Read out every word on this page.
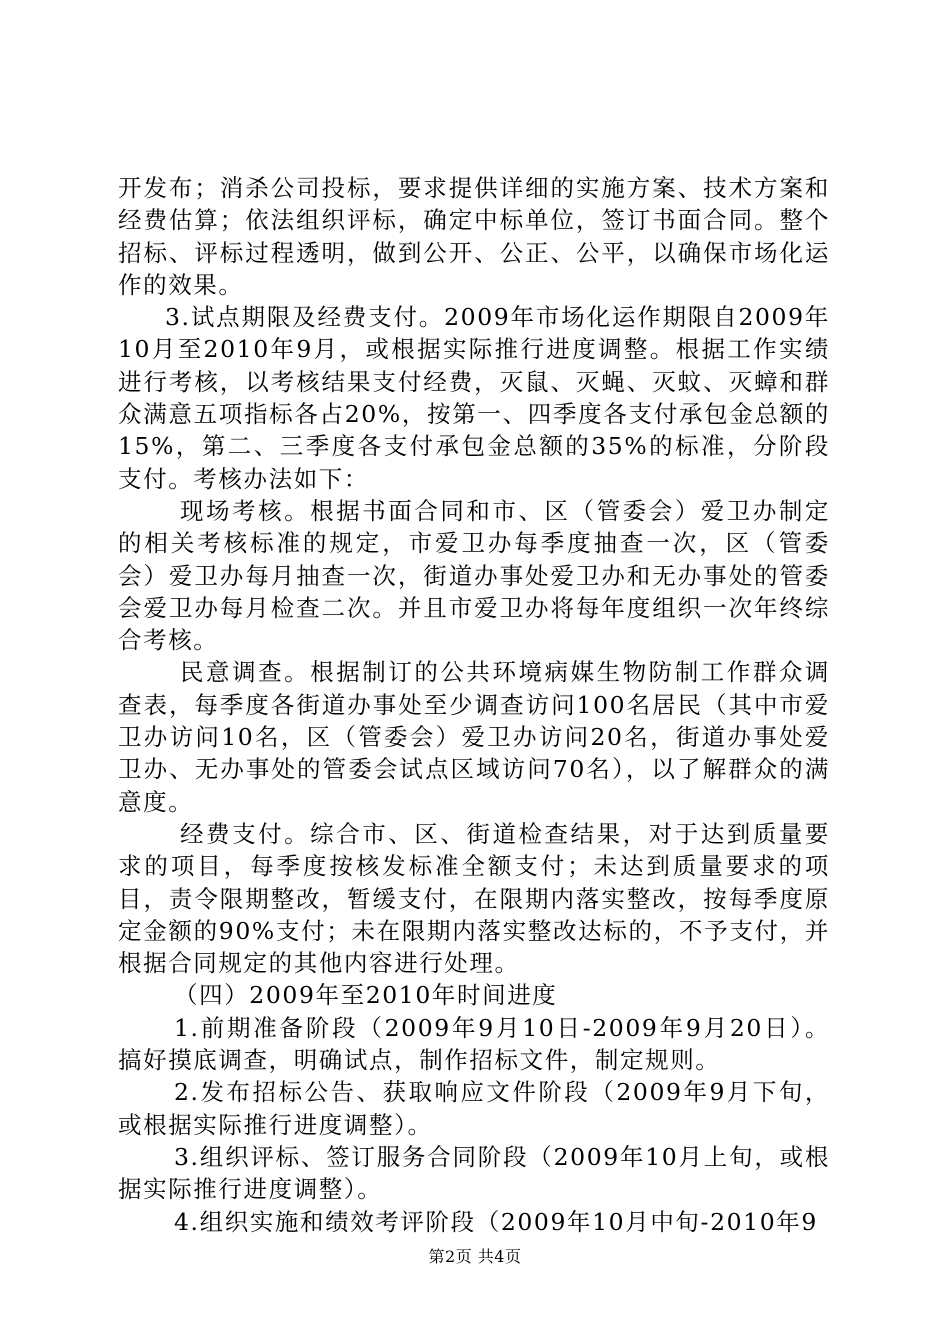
开发布；消杀公司投标，要求提供详细的实施方案、技术方案和经费估算；依法组织评标，确定中标单位，签订书面合同。整个招标、评标过程透明，做到公开、公正、公平，以确保市场化运作的效果。

3.试点期限及经费支付。2009年市场化运作期限自2009年10月至2010年9月，或根据实际推行进度调整。根据工作实绩进行考核，以考核结果支付经费，灭鼠、灭蝇、灭蚊、灭蟑和群众满意五项指标各占20%，按第一、四季度各支付承包金总额的15%，第二、三季度各支付承包金总额的35%的标准，分阶段支付。考核办法如下：

现场考核。根据书面合同和市、区（管委会）爱卫办制定的相关考核标准的规定，市爱卫办每季度抽查一次，区（管委会）爱卫办每月抽查一次，街道办事处爱卫办和无办事处的管委会爱卫办每月检查二次。并且市爱卫办将每年度组织一次年终综合考核。

民意调查。根据制订的公共环境病媒生物防制工作群众调查表，每季度各街道办事处至少调查访问100名居民（其中市爱卫办访问10名，区（管委会）爱卫办访问20名，街道办事处爱卫办、无办事处的管委会试点区域访问70名），以了解群众的满意度。

经费支付。综合市、区、街道检查结果，对于达到质量要求的项目，每季度按核发标准全额支付；未达到质量要求的项目，责令限期整改，暂缓支付，在限期内落实整改，按每季度原定金额的90%支付；未在限期内落实整改达标的，不予支付，并根据合同规定的其他内容进行处理。

（四）2009年至2010年时间进度

1.前期准备阶段（2009年9月10日-2009年9月20日）。搞好摸底调查，明确试点，制作招标文件，制定规则。

2.发布招标公告、获取响应文件阶段（2009年9月下旬，或根据实际推行进度调整）。

3.组织评标、签订服务合同阶段（2009年10月上旬，或根据实际推行进度调整）。

4.组织实施和绩效考评阶段（2009年10月中旬-2010年9

第2页 共4页
